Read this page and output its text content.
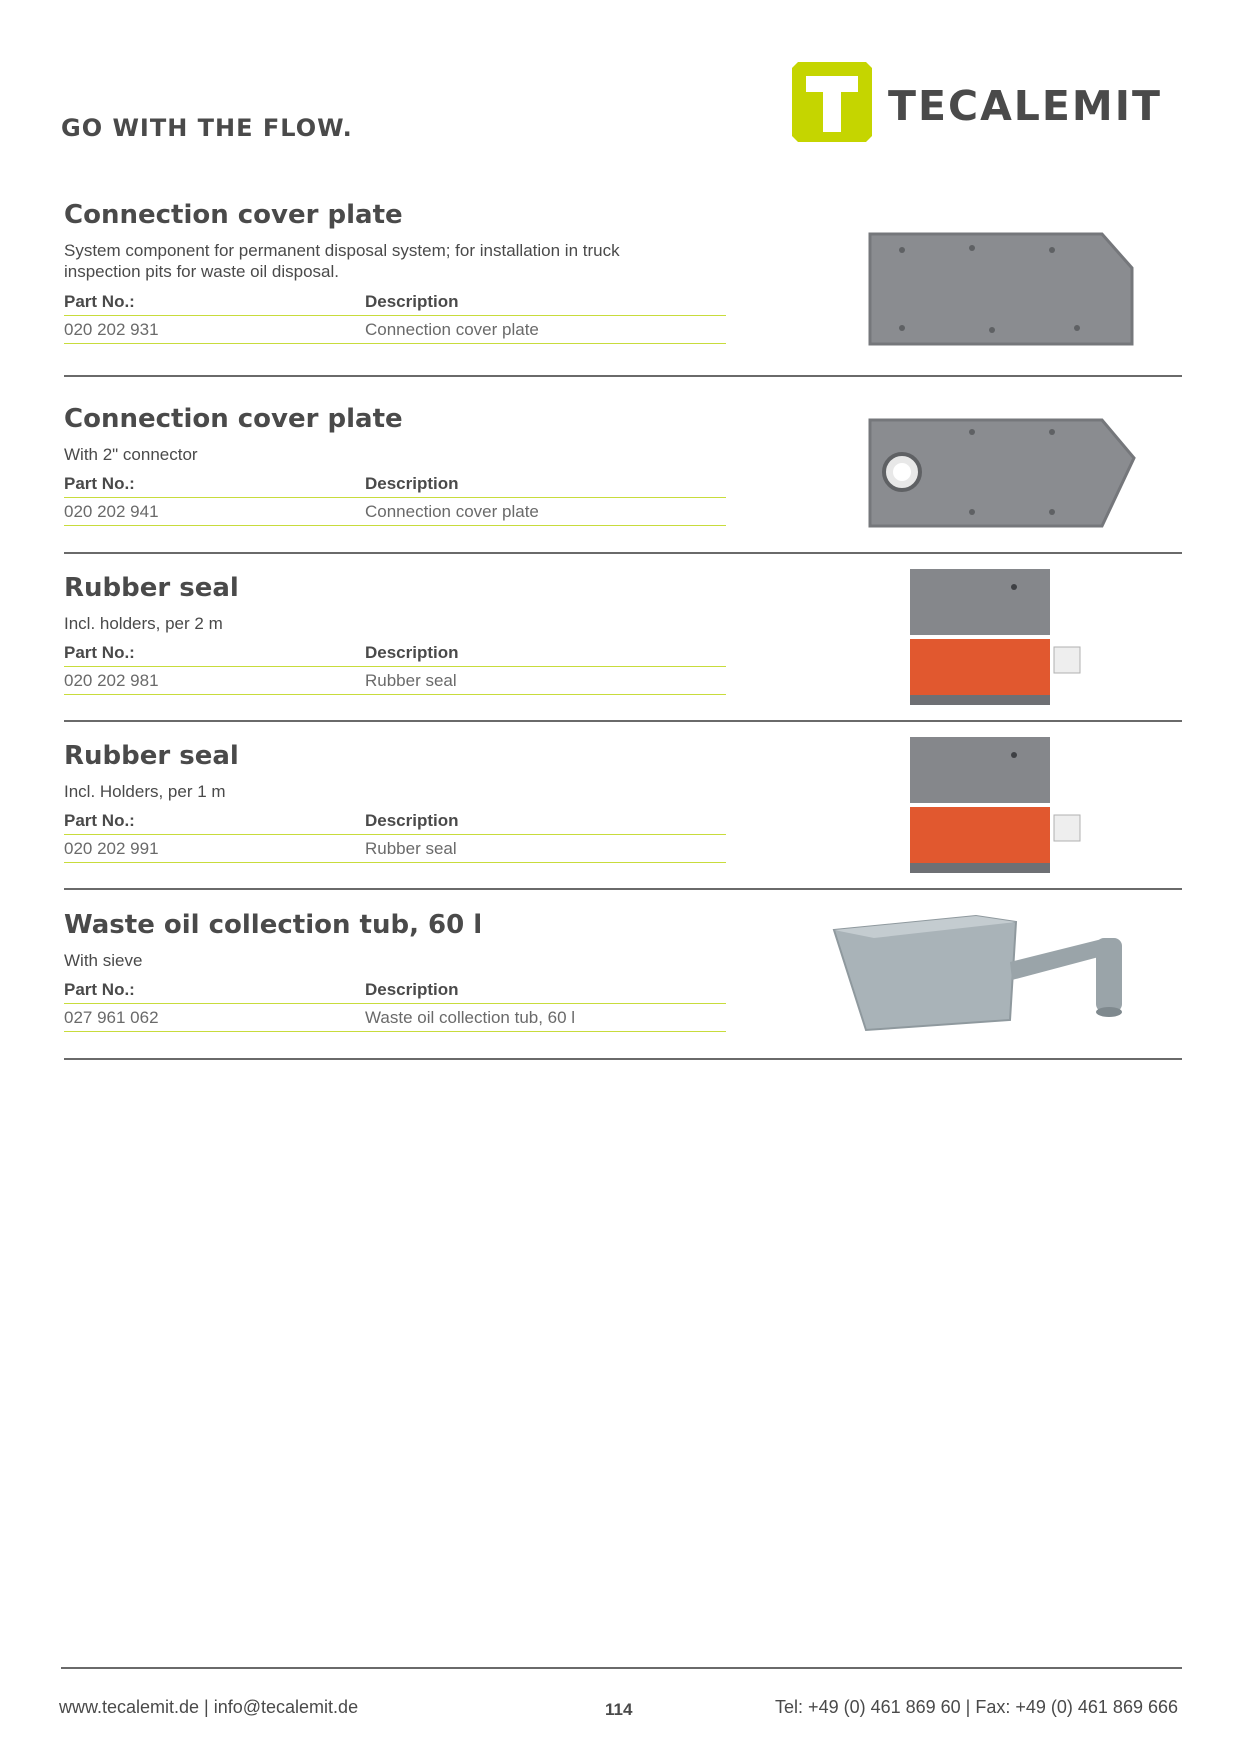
GO WITH THE FLOW.	TECALEMIT
Connection cover plate
System component for permanent disposal system; for installation in truck inspection pits for waste oil disposal.
Part No.:	Description
020 202 931	Connection cover plate
Connection cover plate
With 2" connector
Part No.:	Description
020 202 941	Connection cover plate
Rubber seal
Incl. holders, per 2 m
Part No.:	Description
020 202 981	Rubber seal
Rubber seal
Incl. Holders, per 1 m
Part No.:	Description
020 202 991	Rubber seal
Waste oil collection tub, 60 l
With sieve
Part No.:	Description
027 961 062	Waste oil collection tub, 60 l
www.tecalemit.de | info@tecalemit.de	114	Tel: +49 (0) 461 869 60 | Fax: +49 (0) 461 869 666
